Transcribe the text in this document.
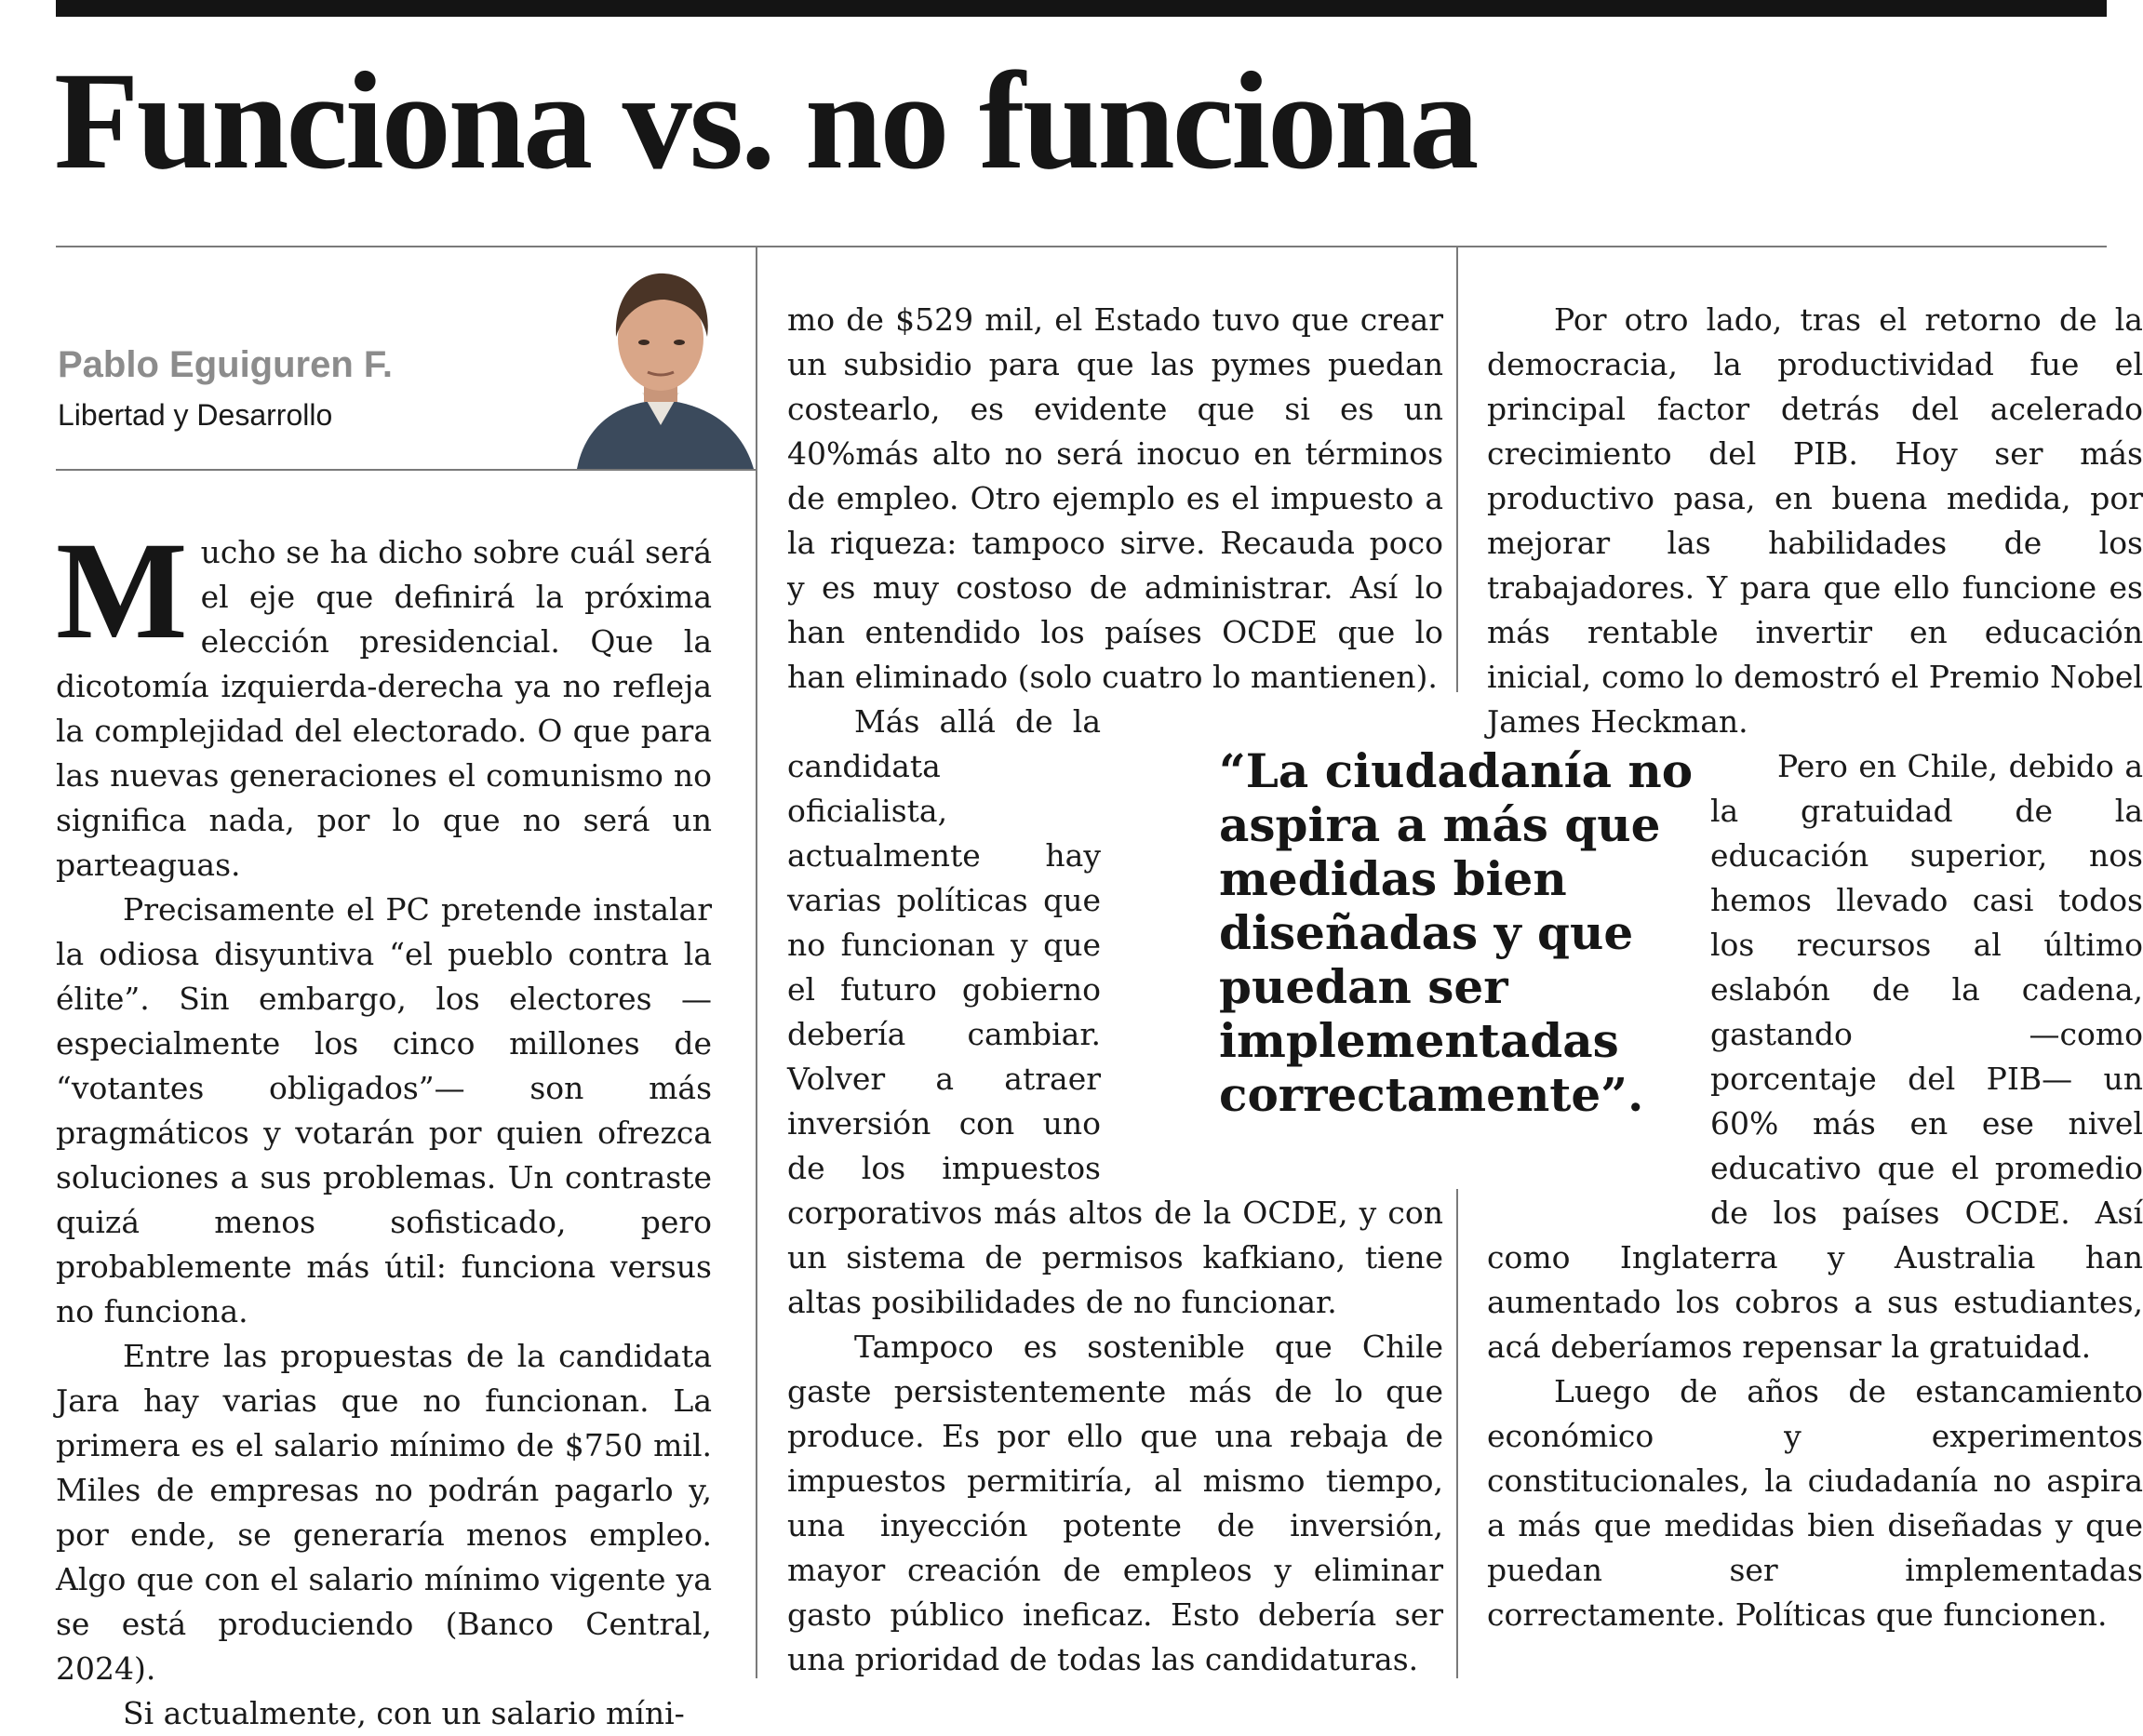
Funciona vs. no funciona
Pablo Eguiguren F.
Libertad y Desarrollo

Mucho se ha dicho sobre cuál será el eje que definirá la próxima elección presidencial. Que la dicotomía izquierda-derecha ya no refleja la complejidad del electorado. O que para las nuevas generaciones el comunismo no significa nada, por lo que no será un parteaguas.

Precisamente el PC pretende instalar la odiosa disyuntiva “el pueblo contra la élite”. Sin embargo, los electores —especialmente los cinco millones de “votantes obligados”— son más pragmáticos y votarán por quien ofrezca soluciones a sus problemas. Un contraste quizá menos sofisticado, pero probablemente más útil: funciona versus no funciona.

Entre las propuestas de la candidata Jara hay varias que no funcionan. La primera es el salario mínimo de $750 mil. Miles de empresas no podrán pagarlo y, por ende, se generaría menos empleo. Algo que con el salario mínimo vigente ya se está produciendo (Banco Central, 2024).

Si actualmente, con un salario míni-

mo de $529 mil, el Estado tuvo que crear un subsidio para que las pymes puedan costearlo, es evidente que si es un 40%más alto no será inocuo en términos de empleo. Otro ejemplo es el impuesto a la riqueza: tampoco sirve. Recauda poco y es muy costoso de administrar. Así lo han entendido los países OCDE que lo han eliminado (solo cuatro lo mantienen).

Más allá de la candidata oficialista, actualmente hay varias políticas que no funcionan y que el futuro gobierno debería cambiar. Volver a atraer inversión con uno de los impuestos corporativos más altos de la OCDE, y con un sistema de permisos kafkiano, tiene altas posibilidades de no funcionar.

Tampoco es sostenible que Chile gaste persistentemente más de lo que produce. Es por ello que una rebaja de impuestos permitiría, al mismo tiempo, una inyección potente de inversión, mayor creación de empleos y eliminar gasto público ineficaz. Esto debería ser una prioridad de todas las candidaturas.

Por otro lado, tras el retorno de la democracia, la productividad fue el principal factor detrás del acelerado crecimiento del PIB. Hoy ser más productivo pasa, en buena medida, por mejorar las habilidades de los trabajadores. Y para que ello funcione es más rentable invertir en educación inicial, como lo demostró el Premio Nobel James Heckman.

Pero en Chile, debido a la gratuidad de la educación superior, nos hemos llevado casi todos los recursos al último eslabón de la cadena, gastando —como porcentaje del PIB— un 60% más en ese nivel educativo que el promedio de los países OCDE. Así como Inglaterra y Australia han aumentado los cobros a sus estudiantes, acá deberíamos repensar la gratuidad.

Luego de años de estancamiento económico y experimentos constitucionales, la ciudadanía no aspira a más que medidas bien diseñadas y que puedan ser implementadas correctamente. Políticas que funcionen.

“La ciudadanía no aspira a más que medidas bien diseñadas y que puedan ser implementadas correctamente”.
